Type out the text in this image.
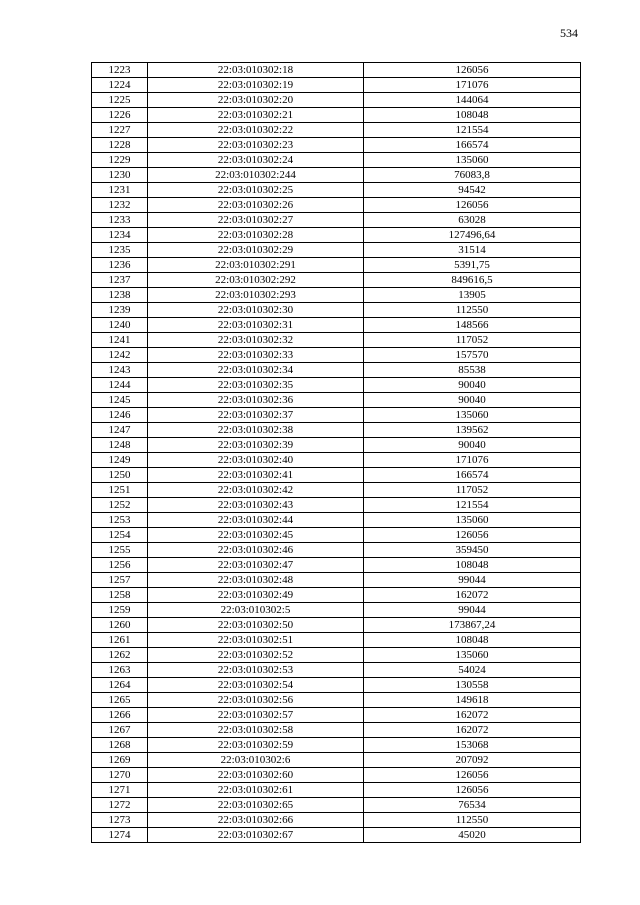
534
1223	22:03:010302:18	126056
1224	22:03:010302:19	171076
1225	22:03:010302:20	144064
1226	22:03:010302:21	108048
1227	22:03:010302:22	121554
1228	22:03:010302:23	166574
1229	22:03:010302:24	135060
1230	22:03:010302:244	76083,8
1231	22:03:010302:25	94542
1232	22:03:010302:26	126056
1233	22:03:010302:27	63028
1234	22:03:010302:28	127496,64
1235	22:03:010302:29	31514
1236	22:03:010302:291	5391,75
1237	22:03:010302:292	849616,5
1238	22:03:010302:293	13905
1239	22:03:010302:30	112550
1240	22:03:010302:31	148566
1241	22:03:010302:32	117052
1242	22:03:010302:33	157570
1243	22:03:010302:34	85538
1244	22:03:010302:35	90040
1245	22:03:010302:36	90040
1246	22:03:010302:37	135060
1247	22:03:010302:38	139562
1248	22:03:010302:39	90040
1249	22:03:010302:40	171076
1250	22:03:010302:41	166574
1251	22:03:010302:42	117052
1252	22:03:010302:43	121554
1253	22:03:010302:44	135060
1254	22:03:010302:45	126056
1255	22:03:010302:46	359450
1256	22:03:010302:47	108048
1257	22:03:010302:48	99044
1258	22:03:010302:49	162072
1259	22:03:010302:5	99044
1260	22:03:010302:50	173867,24
1261	22:03:010302:51	108048
1262	22:03:010302:52	135060
1263	22:03:010302:53	54024
1264	22:03:010302:54	130558
1265	22:03:010302:56	149618
1266	22:03:010302:57	162072
1267	22:03:010302:58	162072
1268	22:03:010302:59	153068
1269	22:03:010302:6	207092
1270	22:03:010302:60	126056
1271	22:03:010302:61	126056
1272	22:03:010302:65	76534
1273	22:03:010302:66	112550
1274	22:03:010302:67	45020
